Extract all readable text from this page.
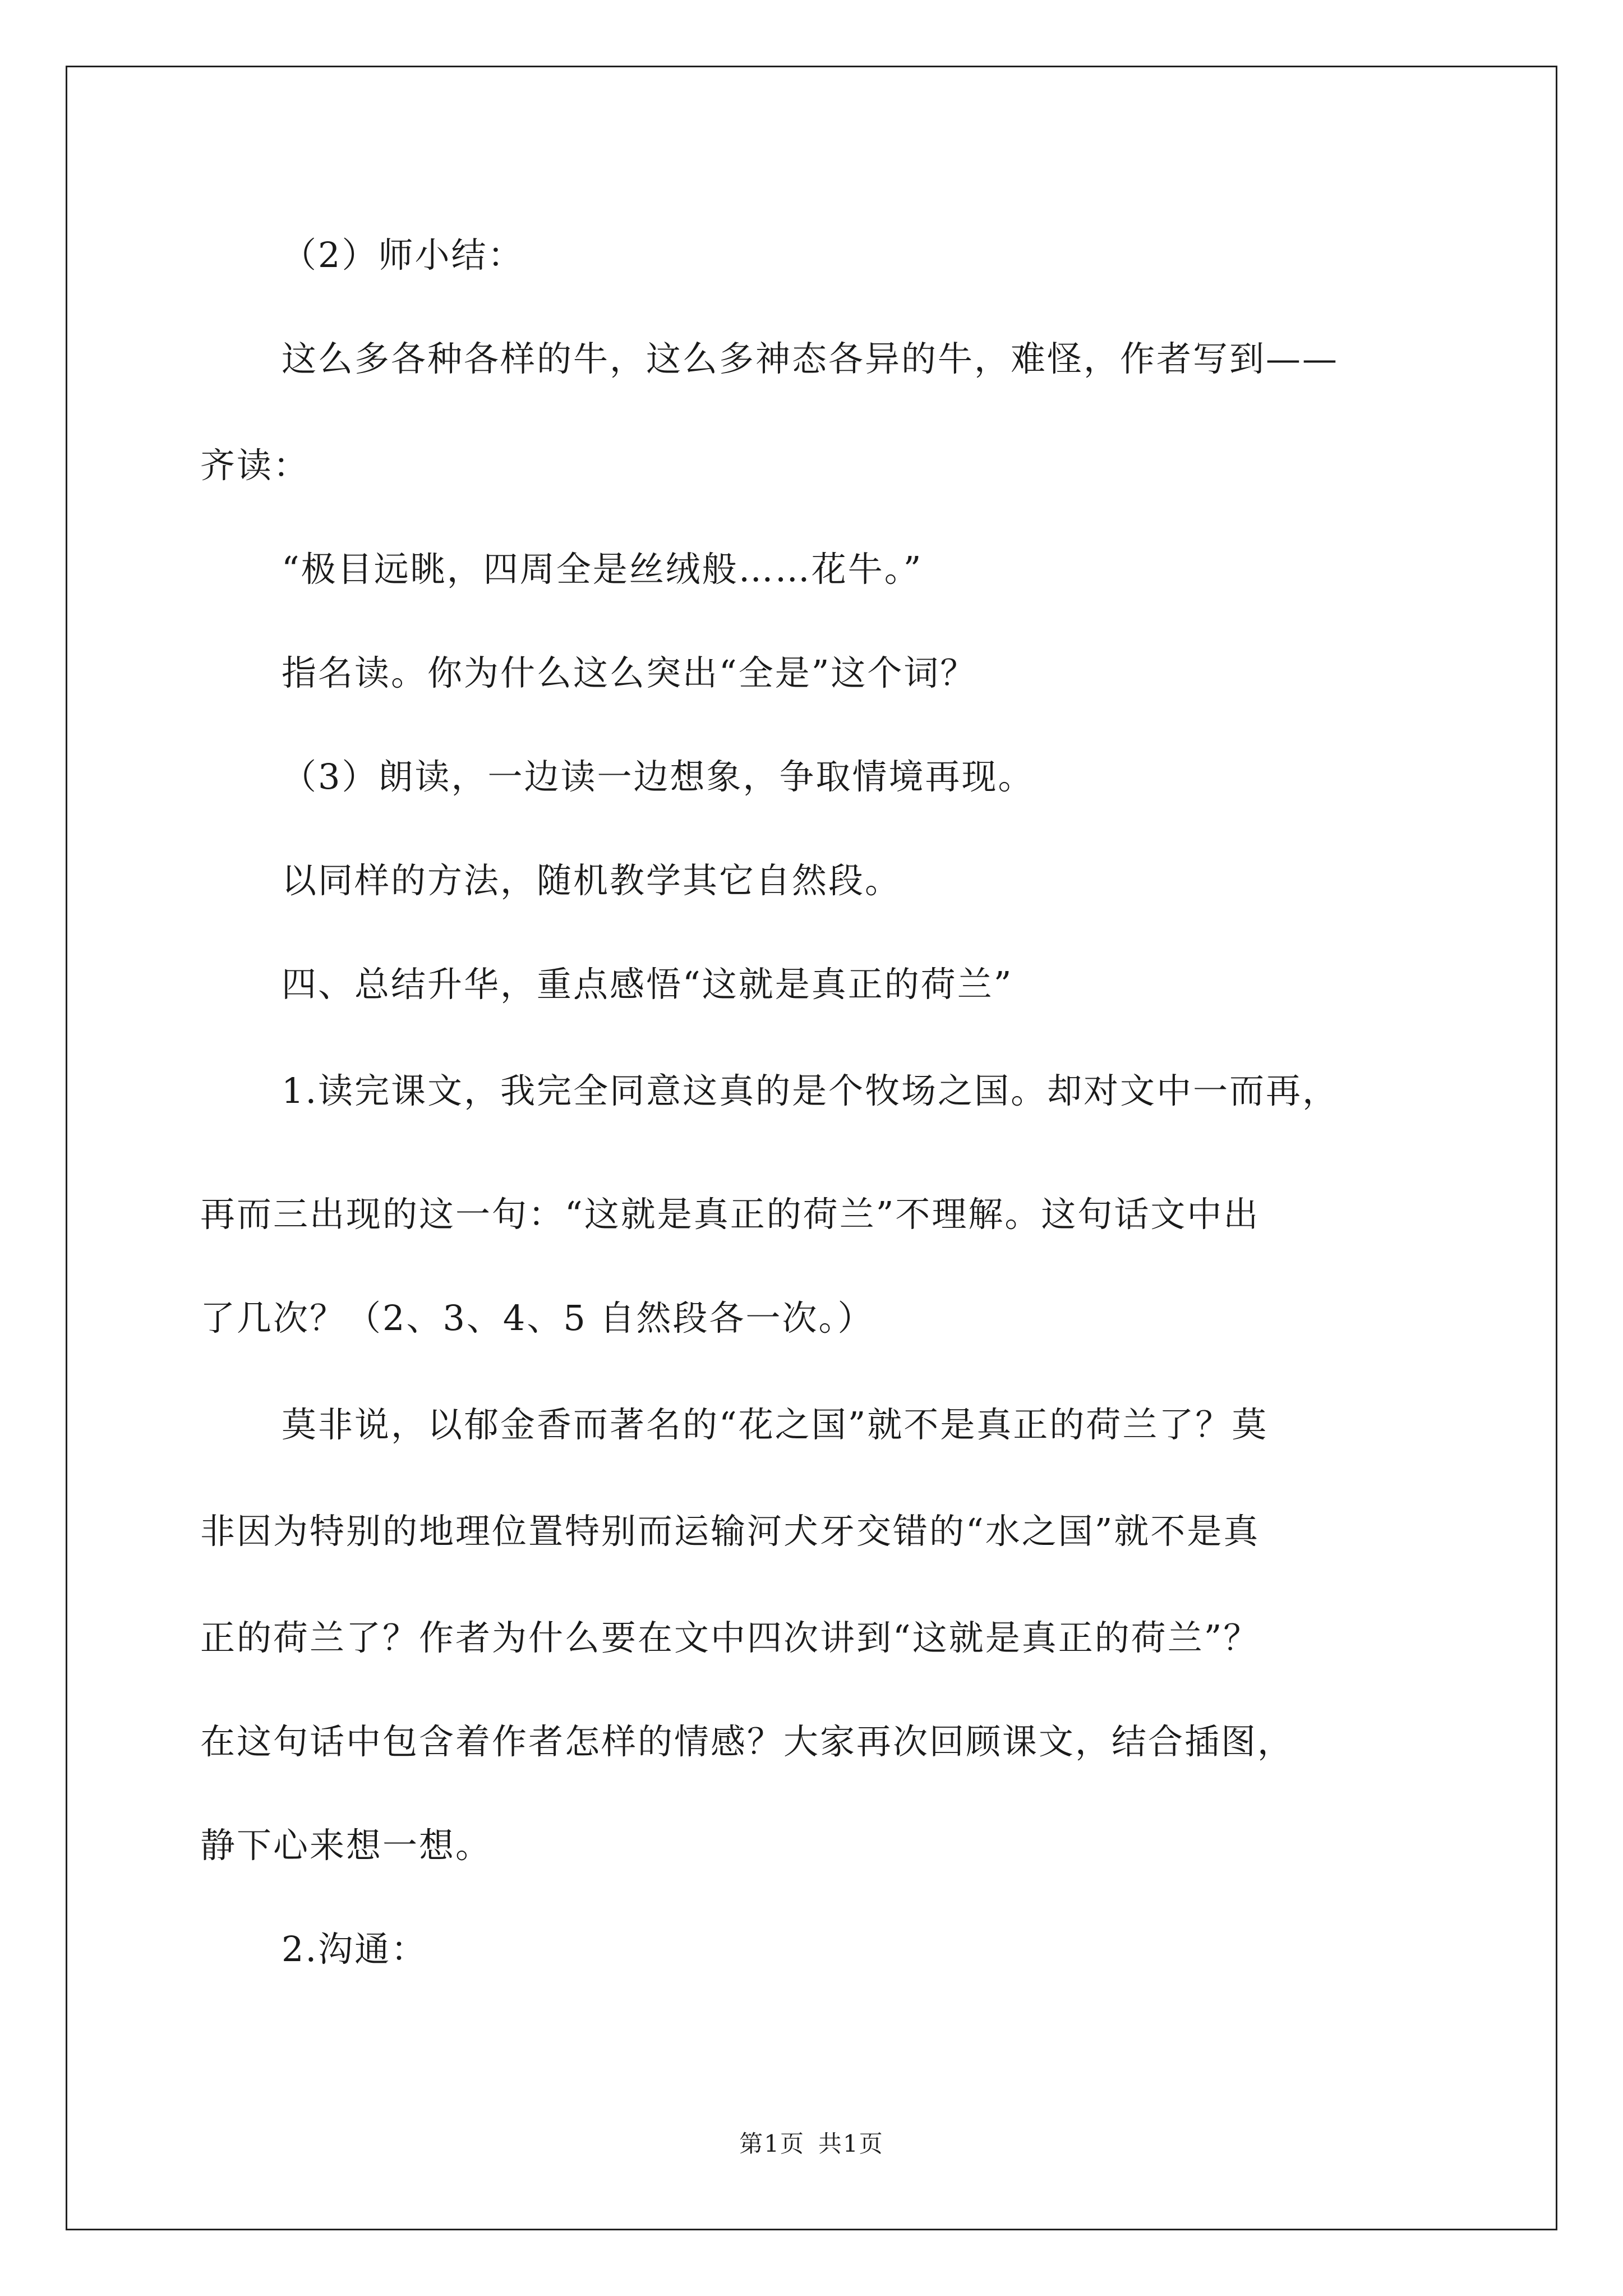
（2）师小结：
这么多各种各样的牛，这么多神态各异的牛，难怪，作者写到——
齐读：
“极目远眺，四周全是丝绒般……花牛。”
指名读。你为什么这么突出“全是”这个词？
（3）朗读，一边读一边想象，争取情境再现。
以同样的方法，随机教学其它自然段。
四、总结升华，重点感悟“这就是真正的荷兰”
1.读完课文，我完全同意这真的是个牧场之国。却对文中一而再，
再而三出现的这一句：“这就是真正的荷兰”不理解。这句话文中出
了几次？（2、3、4、5 自然段各一次。）
莫非说，以郁金香而著名的“花之国”就不是真正的荷兰了？莫
非因为特别的地理位置特别而运输河犬牙交错的“水之国”就不是真
正的荷兰了？作者为什么要在文中四次讲到“这就是真正的荷兰”？
在这句话中包含着作者怎样的情感？大家再次回顾课文，结合插图，
静下心来想一想。
2.沟通：
第1页 共1页
